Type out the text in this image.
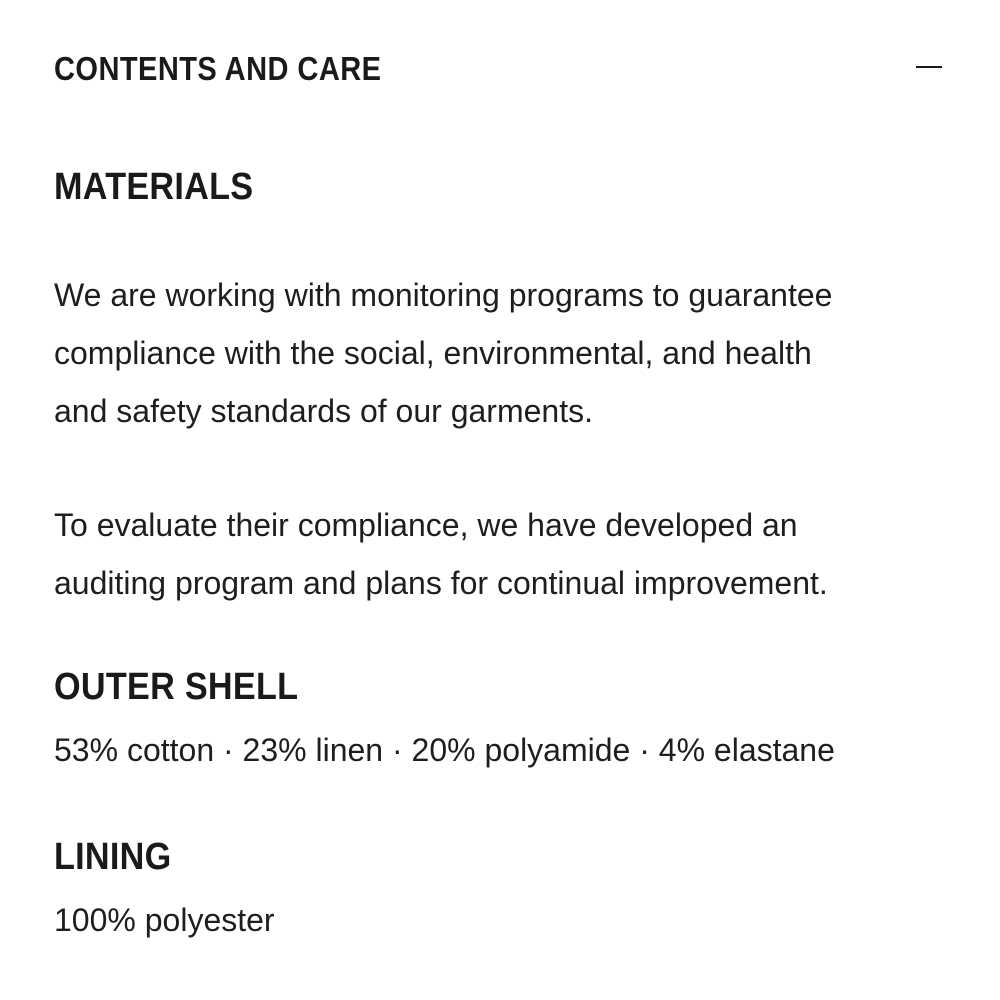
CONTENTS AND CARE
MATERIALS
We are working with monitoring programs to guarantee
compliance with the social, environmental, and health
and safety standards of our garments.
To evaluate their compliance, we have developed an
auditing program and plans for continual improvement.
OUTER SHELL
53% cotton · 23% linen · 20% polyamide · 4% elastane
LINING
100% polyester
